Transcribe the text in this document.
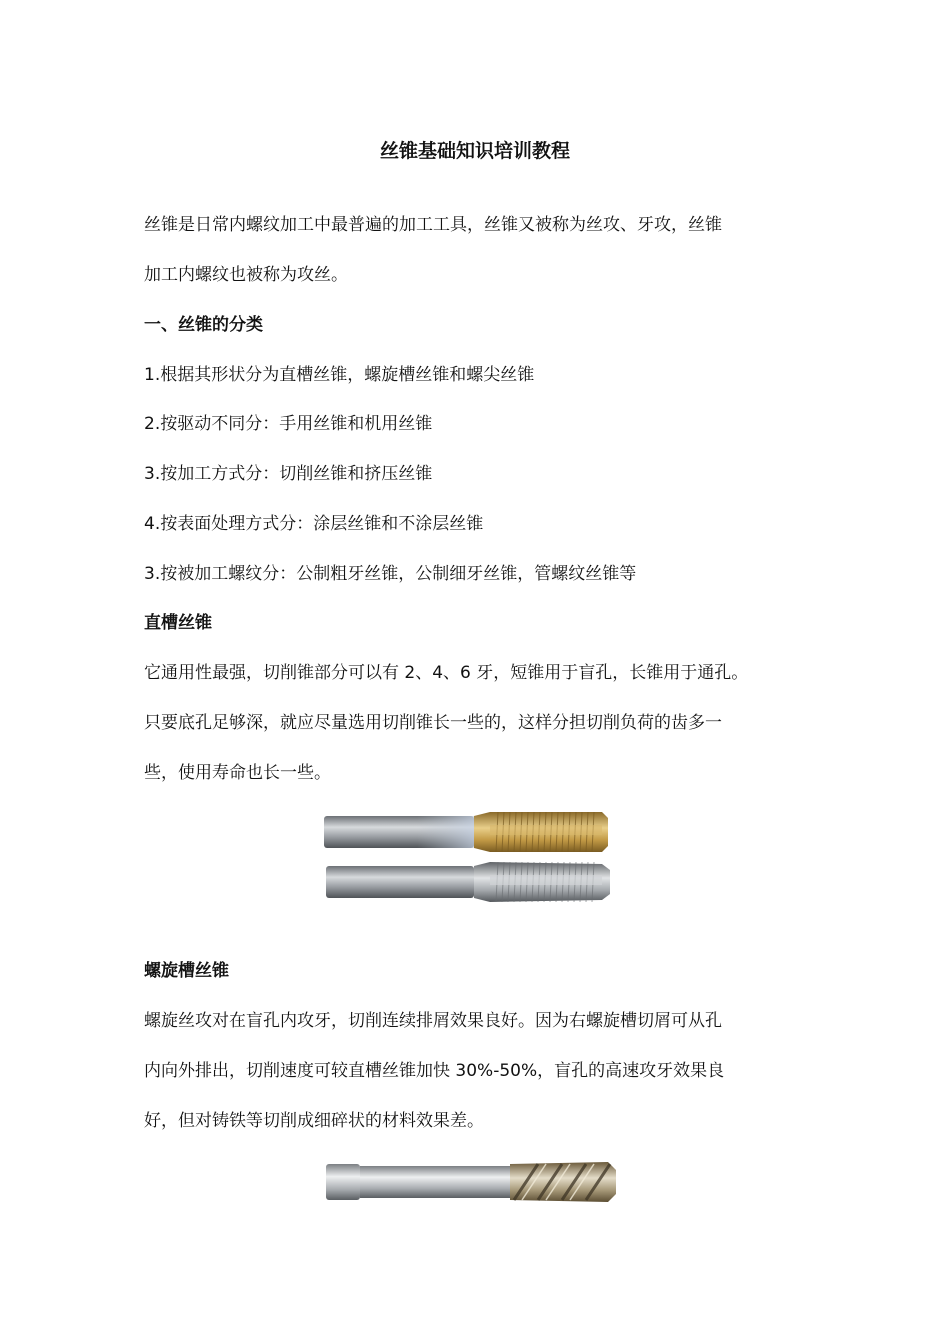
丝锥基础知识培训教程
丝锥是日常内螺纹加工中最普遍的加工工具，丝锥又被称为丝攻、牙攻，丝锥
加工内螺纹也被称为攻丝。
一、丝锥的分类
1.根据其形状分为直槽丝锥，螺旋槽丝锥和螺尖丝锥
2.按驱动不同分：手用丝锥和机用丝锥
3.按加工方式分：切削丝锥和挤压丝锥
4.按表面处理方式分：涂层丝锥和不涂层丝锥
3.按被加工螺纹分：公制粗牙丝锥，公制细牙丝锥，管螺纹丝锥等
直槽丝锥
它通用性最强，切削锥部分可以有 2、4、6 牙，短锥用于盲孔，长锥用于通孔。
只要底孔足够深，就应尽量选用切削锥长一些的，这样分担切削负荷的齿多一
些，使用寿命也长一些。
螺旋槽丝锥
螺旋丝攻对在盲孔内攻牙，切削连续排屑效果良好。因为右螺旋槽切屑可从孔
内向外排出，切削速度可较直槽丝锥加快 30%-50%，盲孔的高速攻牙效果良
好，但对铸铁等切削成细碎状的材料效果差。
